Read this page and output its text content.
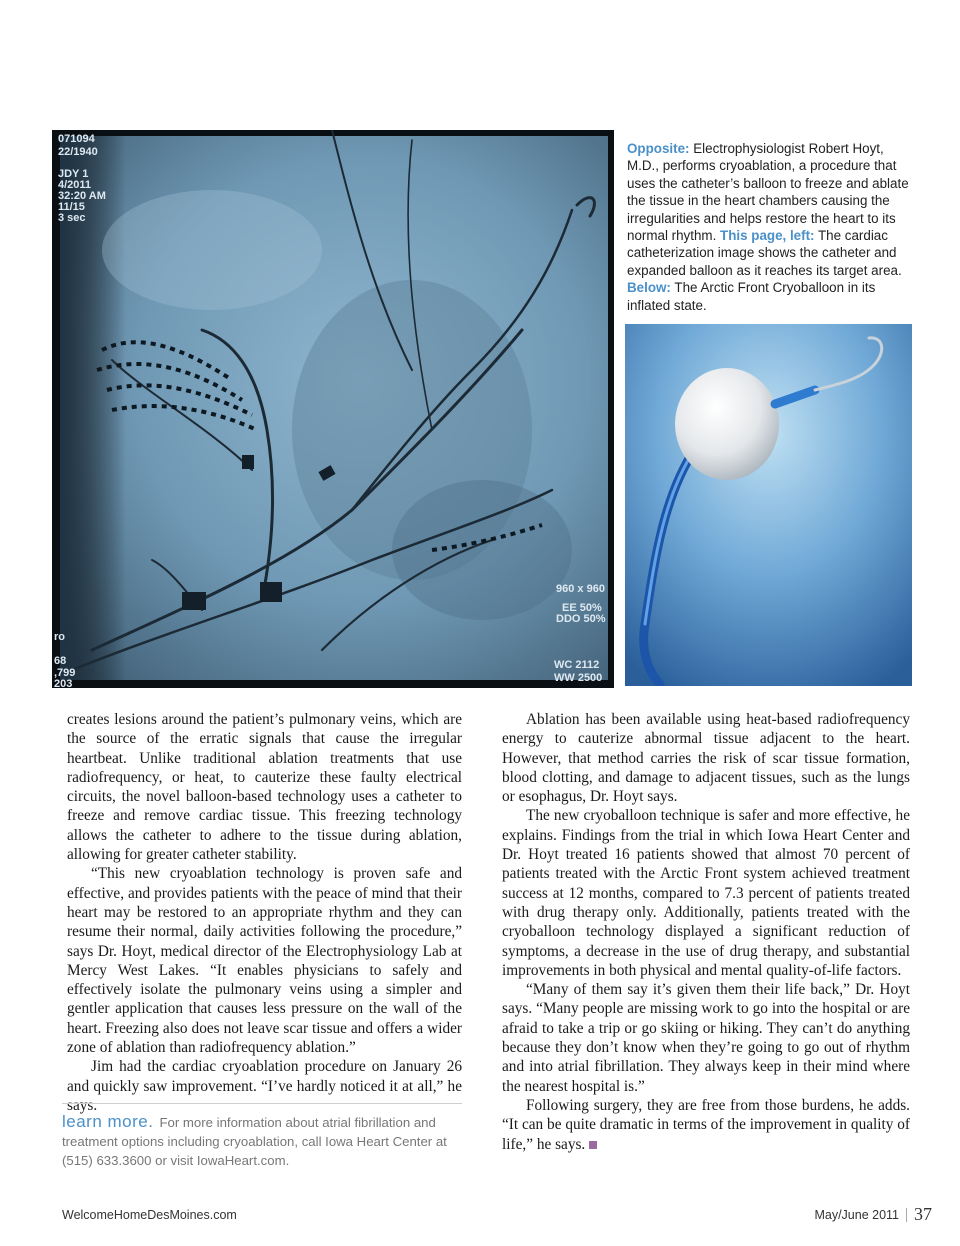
071094
22/1940
JDY 1
4/2011
32:20 AM
11/15
3 sec
ro
68
,799
203
960 x 960
EE 50%
DDO 50%
WC 2112
WW 2500
Opposite: Electrophysiologist Robert Hoyt, M.D., performs cryoablation, a procedure that uses the catheter’s balloon to freeze and ablate the tissue in the heart chambers causing the irregularities and helps restore the heart to its normal rhythm. This page, left: The cardiac catheterization image shows the catheter and expanded balloon as it reaches its target area. Below: The Arctic Front Cryoballoon in its inflated state.

creates lesions around the patient’s pulmonary veins, which are the source of the erratic signals that cause the irregular heartbeat. Unlike traditional ablation treatments that use radiofrequency, or heat, to cauterize these faulty electrical circuits, the novel balloon-based technology uses a catheter to freeze and remove cardiac tissue. This freezing technology allows the catheter to adhere to the tissue during ablation, allowing for greater catheter stability.

“This new cryoablation technology is proven safe and effective, and provides patients with the peace of mind that their heart may be restored to an appropriate rhythm and they can resume their normal, daily activities following the procedure,” says Dr. Hoyt, medical director of the Electrophysiology Lab at Mercy West Lakes. “It enables physicians to safely and effectively isolate the pulmonary veins using a simpler and gentler application that causes less pressure on the wall of the heart. Freezing also does not leave scar tissue and offers a wider zone of ablation than radiofrequency ablation.”

Jim had the cardiac cryoablation procedure on January 26 and quickly saw improvement. “I’ve hardly noticed it at all,” he says.

Ablation has been available using heat-based radiofrequency energy to cauterize abnormal tissue adjacent to the heart. However, that method carries the risk of scar tissue formation, blood clotting, and damage to adjacent tissues, such as the lungs or esophagus, Dr. Hoyt says.

The new cryoballoon technique is safer and more effective, he explains. Findings from the trial in which Iowa Heart Center and Dr. Hoyt treated 16 patients showed that almost 70 percent of patients treated with the Arctic Front system achieved treatment success at 12 months, compared to 7.3 percent of patients treated with drug therapy only. Additionally, patients treated with the cryoballoon technology displayed a significant reduction of symptoms, a decrease in the use of drug therapy, and substantial improvements in both physical and mental quality-of-life factors.

“Many of them say it’s given them their life back,” Dr. Hoyt says. “Many people are missing work to go into the hospital or are afraid to take a trip or go skiing or hiking. They can’t do anything because they don’t know when they’re going to go out of rhythm and into atrial fibrillation. They always keep in their mind where the nearest hospital is.”

Following surgery, they are free from those burdens, he adds. “It can be quite dramatic in terms of the improvement in quality of life,” he says.

learn more. For more information about atrial fibrillation and treatment options including cryoablation, call Iowa Heart Center at (515) 633.3600 or visit IowaHeart.com.
WelcomeHomeDesMoines.com	May/June 2011 37
